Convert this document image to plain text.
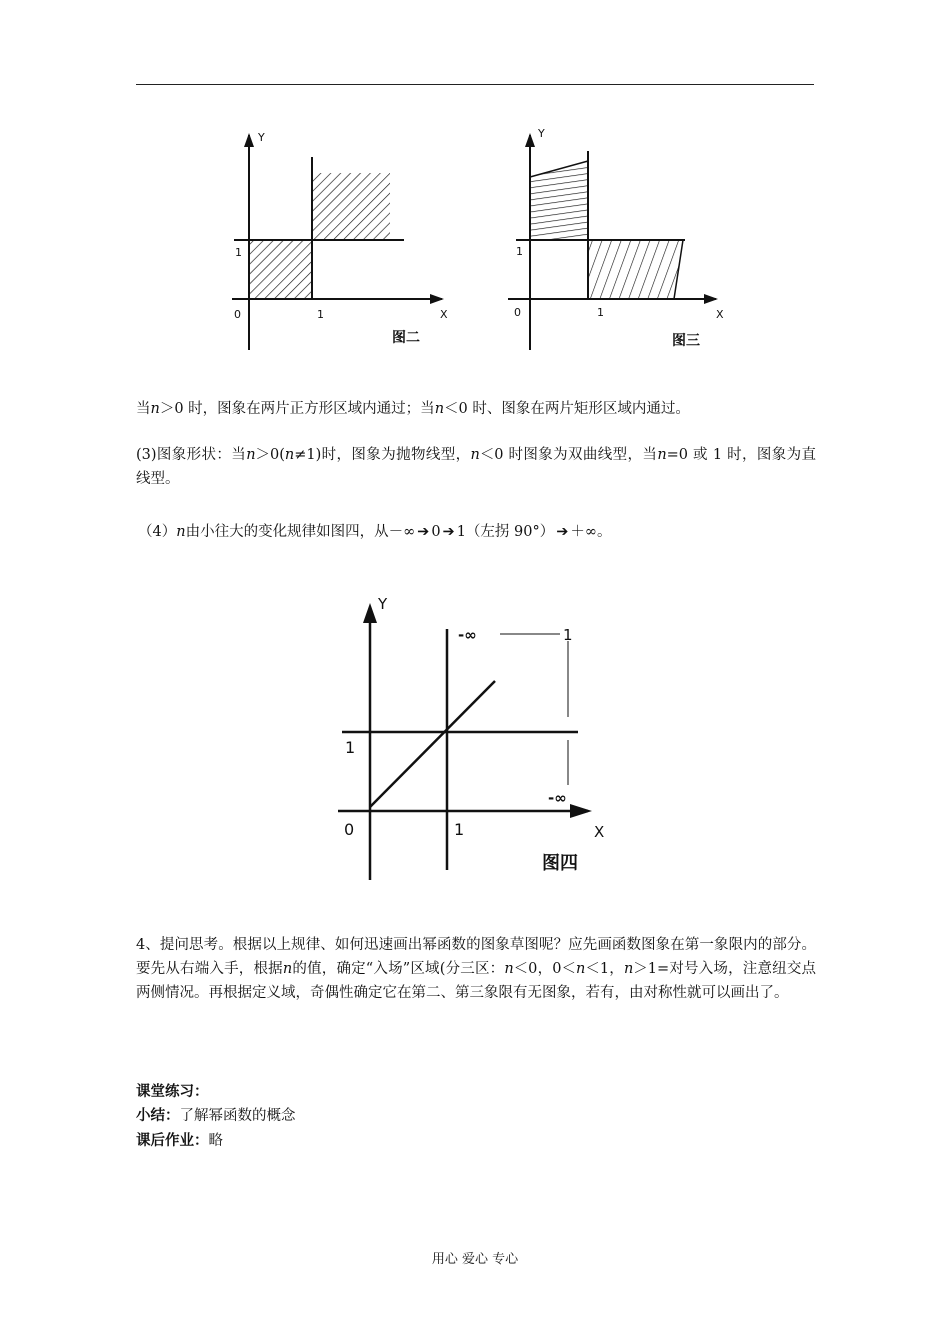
Y
X
0	1
1
图二
Y
X
0	1
1
图三

当n＞0 时，图象在两片正方形区域内通过；当n＜0 时、图象在两片矩形区域内通过。

(3)图象形状：当n＞0(n≠1)时，图象为抛物线型，n＜0 时图象为双曲线型，当n=0 或 1 时，图象为直线型。

（4）n由小往大的变化规律如图四，从－∞ ➔ 0 ➔ 1（左拐 90°） ➔ ＋∞。

Y
X
0	1
1
-∞	1
-∞
图四

4、提问思考。根据以上规律、如何迅速画出幂函数的图象草图呢？应先画函数图象在第一象限内的部分。要先从右端入手，根据n的值，确定“入场”区域(分三区：n＜0，0＜n＜1，n＞1=对号入场，注意纽交点两侧情况。再根据定义域，奇偶性确定它在第二、第三象限有无图象，若有，由对称性就可以画出了。

课堂练习：

小结：了解幂函数的概念

课后作业：略

用心 爱心 专心
